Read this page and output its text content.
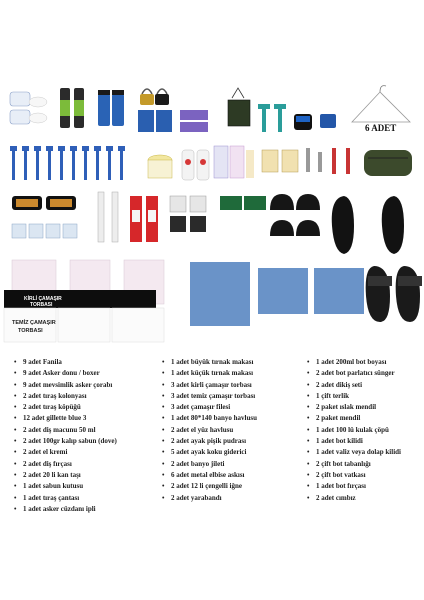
6 ADET
KİRLİ ÇAMAŞIR
TORBASI
TEMİZ ÇAMAŞIR
TORBASI
• 9 adet Fanila
• 9 adet Asker donu / boxer
• 9 adet mevsimlik asker çorabı
• 2 adet tıraş kolonyası
• 2 adet tıraş köpüğü
• 12 adet gillette blue 3
• 2 adet diş macunu 50 ml
• 2 adet 100gr kalıp sabun (dove)
• 2 adet el kremi
• 2 adet diş fırçası
• 2 adet 20 li kan taşı
• 1 adet sabun kutusu
• 1 adet tıraş çantası
• 1 adet asker cüzdanı ipli
• 1 adet büyük tırnak makası
• 1 adet küçük tırnak makası
• 3 adet kirli çamaşır torbası
• 3 adet temiz çamaşır torbası
• 3 adet çamaşır filesi
• 1 adet 80*140 banyo havlusu
• 2 adet el yüz havlusu
• 2 adet ayak pişik pudrası
• 5 adet ayak koku giderici
• 2 adet banyo jileti
• 6 adet metal elbise askısı
• 2 adet 12 li çengelli iğne
• 2 adet yarabandı
• 1 adet 200ml bot boyası
• 2 adet bot parlatıcı sünger
• 2 adet dikiş seti
• 1 çift terlik
• 2 paket ıslak mendil
• 2 paket mendil
• 1 adet 100 lü kulak çöpü
• 1 adet bot kilidi
• 1 adet valiz veya dolap kilidi
• 2 çift bot tabanlığı
• 2 çift bot vatkası
• 1 adet bot fırçası
• 2 adet cımbız
